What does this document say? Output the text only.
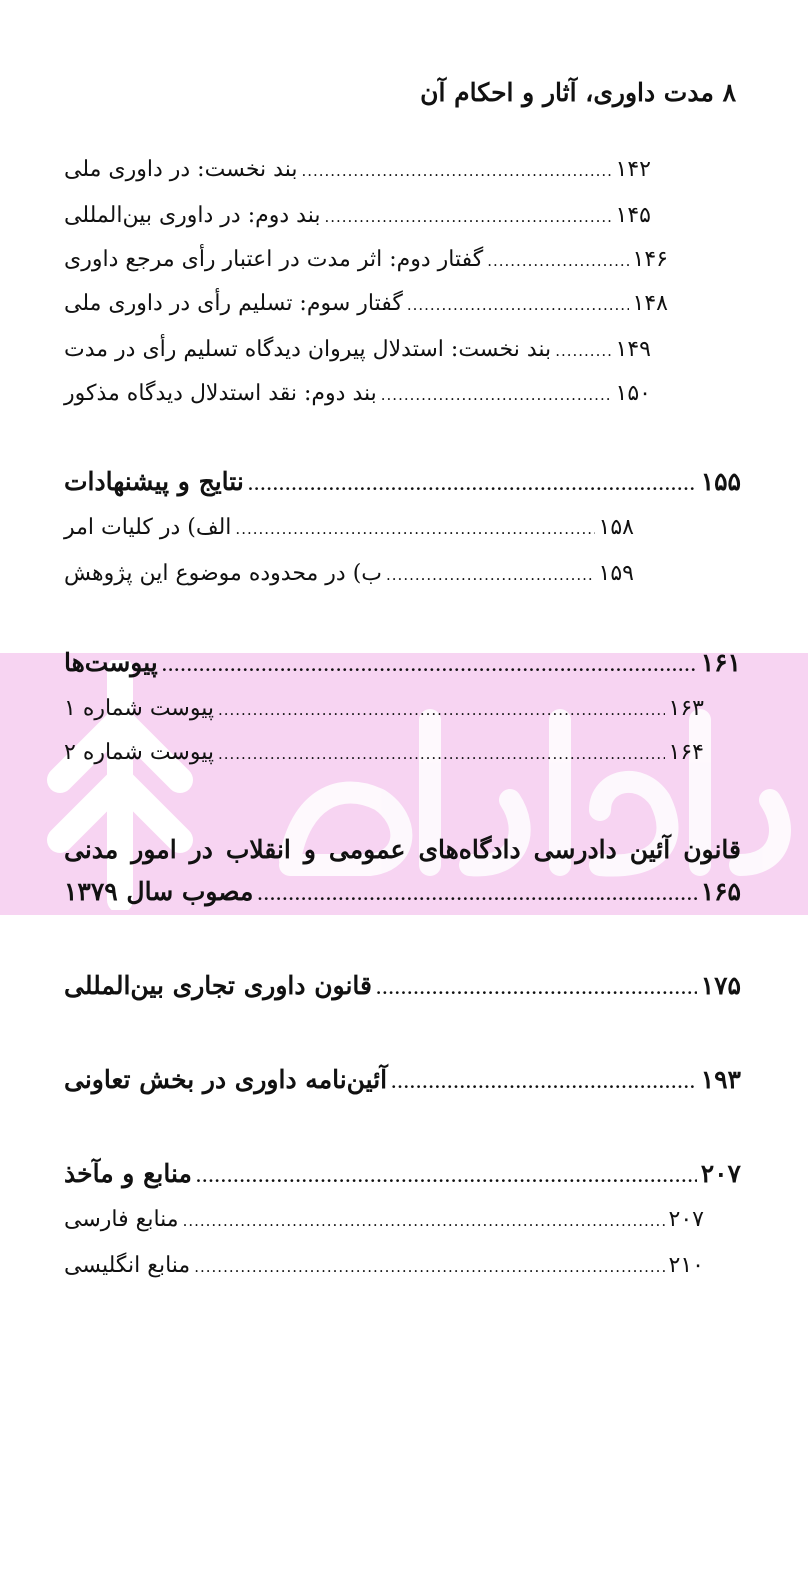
۸ مدت داوری، آثار و احکام آن
بند نخست: در داوری ملی .....	۱۴۲
بند دوم: در داوری بین‌المللی .....	۱۴۵
گفتار دوم: اثر مدت در اعتبار رأی مرجع داوری .....	۱۴۶
گفتار سوم: تسلیم رأی در داوری ملی .....	۱۴۸
بند نخست: استدلال پیروان دیدگاه تسلیم رأی در مدت .....	۱۴۹
بند دوم: نقد استدلال دیدگاه مذکور .....	۱۵۰
نتایج و پیشنهادات .....	۱۵۵
الف) در کلیات امر .....	۱۵۸
ب) در محدوده موضوع این پژوهش .....	۱۵۹
پیوست‌ها .....	۱۶۱
پیوست شماره ۱ .....	۱۶۳
پیوست شماره ۲ .....	۱۶۴
قانون آئین دادرسی دادگاه‌های عمومی و انقلاب در امور مدنی
مصوب سال ۱۳۷۹ .....	۱۶۵
قانون داوری تجاری بین‌المللی .....	۱۷۵
آئین‌نامه داوری در بخش تعاونی .....	۱۹۳
منابع و مآخذ .....	۲۰۷
منابع فارسی .....	۲۰۷
منابع انگلیسی .....	۲۱۰
